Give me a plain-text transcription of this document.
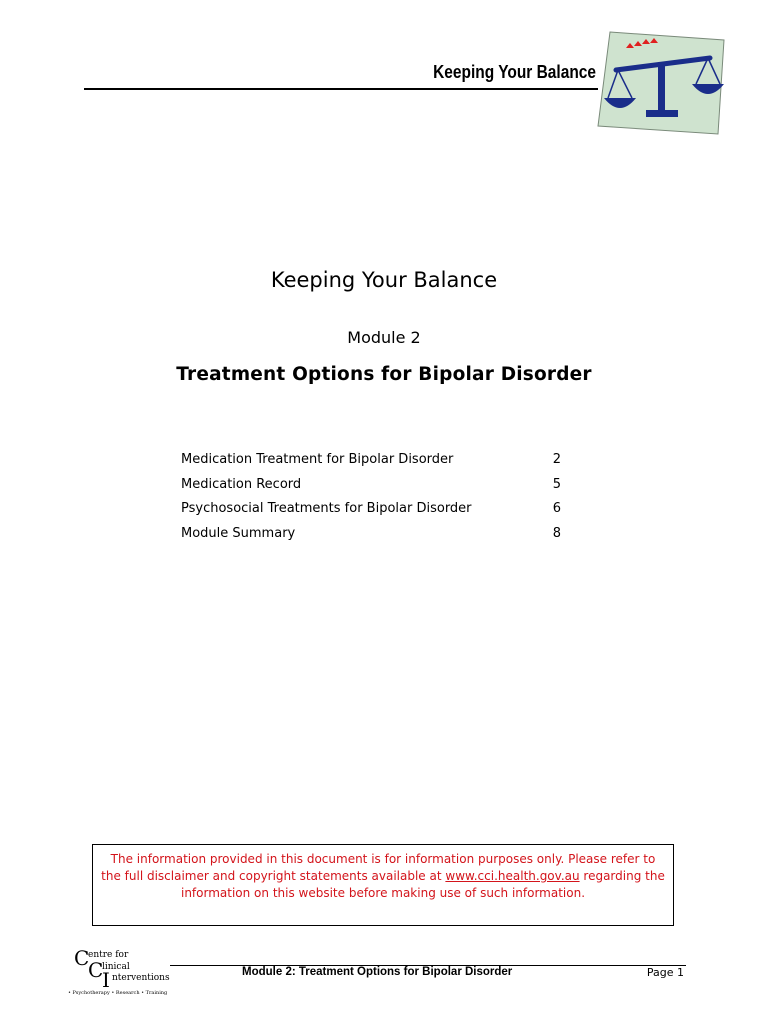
Keeping Your Balance
Keeping Your Balance
Module 2
Treatment Options for Bipolar Disorder
Medication Treatment for Bipolar Disorder	2
Medication Record	5
Psychosocial Treatments for Bipolar Disorder	6
Module Summary	8
The information provided in this document is for information purposes only. Please refer to the full disclaimer and copyright statements available at www.cci.health.gov.au regarding the information on this website before making use of such information.
C
entre for
C
linical
I nterventions
• Psychotherapy • Research • Training
Module 2: Treatment Options for Bipolar Disorder	Page 1
